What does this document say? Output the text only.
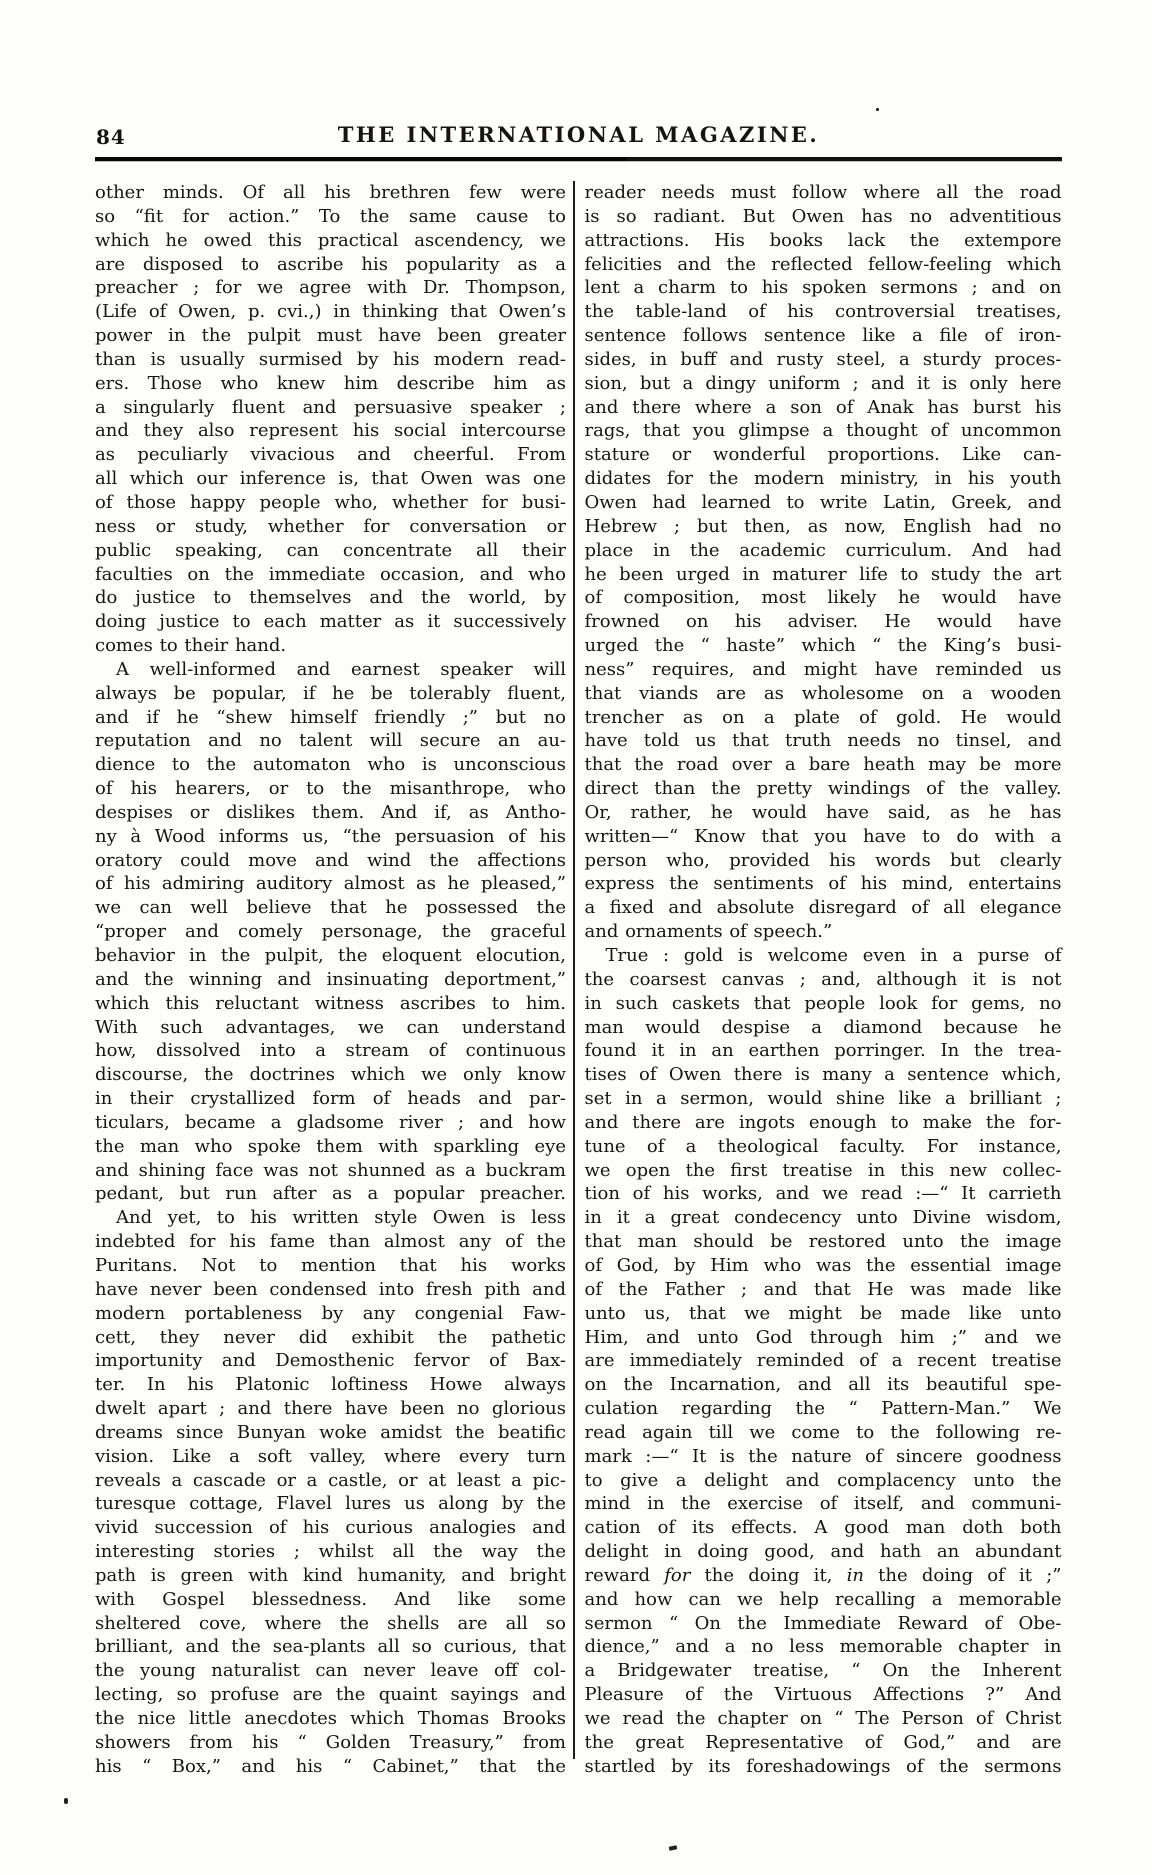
84	THE INTERNATIONAL MAGAZINE.
other minds. Of all his brethren few were
so “fit for action.” To the same cause to
which he owed this practical ascendency, we
are disposed to ascribe his popularity as a
preacher ; for we agree with Dr. Thompson,
(Life of Owen, p. cvi.,) in thinking that Owen’s
power in the pulpit must have been greater
than is usually surmised by his modern read-
ers. Those who knew him describe him as
a singularly fluent and persuasive speaker ;
and they also represent his social intercourse
as peculiarly vivacious and cheerful. From
all which our inference is, that Owen was one
of those happy people who, whether for busi-
ness or study, whether for conversation or
public speaking, can concentrate all their
faculties on the immediate occasion, and who
do justice to themselves and the world, by
doing justice to each matter as it successively
comes to their hand.
A well-informed and earnest speaker will
always be popular, if he be tolerably fluent,
and if he “shew himself friendly ;” but no
reputation and no talent will secure an au-
dience to the automaton who is unconscious
of his hearers, or to the misanthrope, who
despises or dislikes them. And if, as Antho-
ny à Wood informs us, “the persuasion of his
oratory could move and wind the affections
of his admiring auditory almost as he pleased,”
we can well believe that he possessed the
“proper and comely personage, the graceful
behavior in the pulpit, the eloquent elocution,
and the winning and insinuating deportment,”
which this reluctant witness ascribes to him.
With such advantages, we can understand
how, dissolved into a stream of continuous
discourse, the doctrines which we only know
in their crystallized form of heads and par-
ticulars, became a gladsome river ; and how
the man who spoke them with sparkling eye
and shining face was not shunned as a buckram
pedant, but run after as a popular preacher.
And yet, to his written style Owen is less
indebted for his fame than almost any of the
Puritans. Not to mention that his works
have never been condensed into fresh pith and
modern portableness by any congenial Faw-
cett, they never did exhibit the pathetic
importunity and Demosthenic fervor of Bax-
ter. In his Platonic loftiness Howe always
dwelt apart ; and there have been no glorious
dreams since Bunyan woke amidst the beatific
vision. Like a soft valley, where every turn
reveals a cascade or a castle, or at least a pic-
turesque cottage, Flavel lures us along by the
vivid succession of his curious analogies and
interesting stories ; whilst all the way the
path is green with kind humanity, and bright
with Gospel blessedness. And like some
sheltered cove, where the shells are all so
brilliant, and the sea-plants all so curious, that
the young naturalist can never leave off col-
lecting, so profuse are the quaint sayings and
the nice little anecdotes which Thomas Brooks
showers from his “ Golden Treasury,” from
his “ Box,” and his “ Cabinet,” that the
reader needs must follow where all the road
is so radiant. But Owen has no adventitious
attractions. His books lack the extempore
felicities and the reflected fellow-feeling which
lent a charm to his spoken sermons ; and on
the table-land of his controversial treatises,
sentence follows sentence like a file of iron-
sides, in buff and rusty steel, a sturdy proces-
sion, but a dingy uniform ; and it is only here
and there where a son of Anak has burst his
rags, that you glimpse a thought of uncommon
stature or wonderful proportions. Like can-
didates for the modern ministry, in his youth
Owen had learned to write Latin, Greek, and
Hebrew ; but then, as now, English had no
place in the academic curriculum. And had
he been urged in maturer life to study the art
of composition, most likely he would have
frowned on his adviser. He would have
urged the “ haste” which “ the King’s busi-
ness” requires, and might have reminded us
that viands are as wholesome on a wooden
trencher as on a plate of gold. He would
have told us that truth needs no tinsel, and
that the road over a bare heath may be more
direct than the pretty windings of the valley.
Or, rather, he would have said, as he has
written—“ Know that you have to do with a
person who, provided his words but clearly
express the sentiments of his mind, entertains
a fixed and absolute disregard of all elegance
and ornaments of speech.”
True : gold is welcome even in a purse of
the coarsest canvas ; and, although it is not
in such caskets that people look for gems, no
man would despise a diamond because he
found it in an earthen porringer. In the trea-
tises of Owen there is many a sentence which,
set in a sermon, would shine like a brilliant ;
and there are ingots enough to make the for-
tune of a theological faculty. For instance,
we open the first treatise in this new collec-
tion of his works, and we read :—“ It carrieth
in it a great condecency unto Divine wisdom,
that man should be restored unto the image
of God, by Him who was the essential image
of the Father ; and that He was made like
unto us, that we might be made like unto
Him, and unto God through him ;” and we
are immediately reminded of a recent treatise
on the Incarnation, and all its beautiful spe-
culation regarding the “ Pattern-Man.” We
read again till we come to the following re-
mark :—“ It is the nature of sincere goodness
to give a delight and complacency unto the
mind in the exercise of itself, and communi-
cation of its effects. A good man doth both
delight in doing good, and hath an abundant
reward for the doing it, in the doing of it ;”
and how can we help recalling a memorable
sermon “ On the Immediate Reward of Obe-
dience,” and a no less memorable chapter in
a Bridgewater treatise, “ On the Inherent
Pleasure of the Virtuous Affections ?” And
we read the chapter on “ The Person of Christ
the great Representative of God,” and are
startled by its foreshadowings of the sermons
